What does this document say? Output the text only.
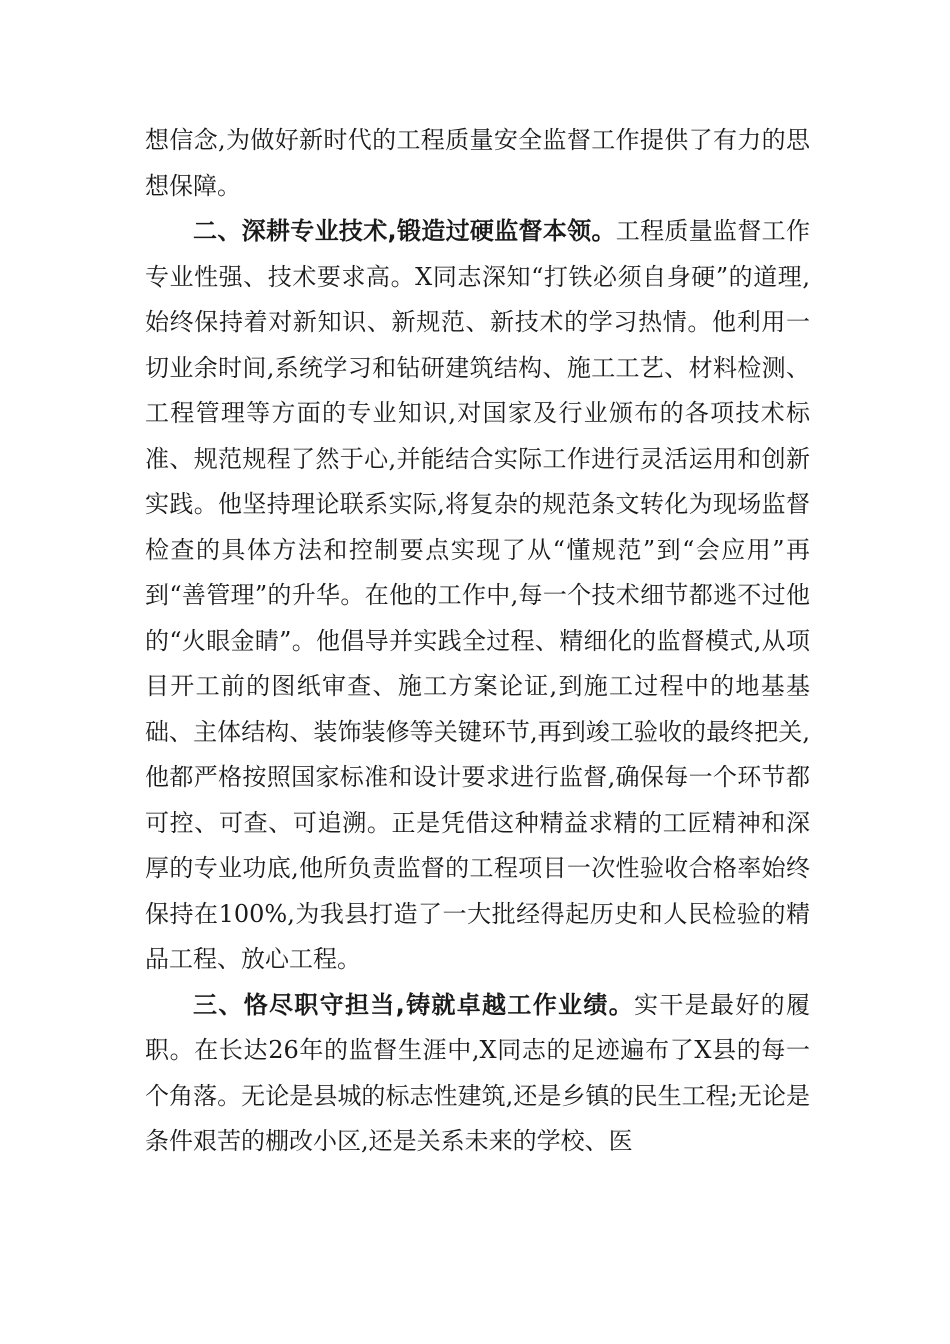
想信念,为做好新时代的工程质量安全监督工作提供了有力的思想保障。

二、深耕专业技术,锻造过硬监督本领。工程质量监督工作专业性强、技术要求高。X同志深知“打铁必须自身硬”的道理,始终保持着对新知识、新规范、新技术的学习热情。他利用一切业余时间,系统学习和钻研建筑结构、施工工艺、材料检测、工程管理等方面的专业知识,对国家及行业颁布的各项技术标准、规范规程了然于心,并能结合实际工作进行灵活运用和创新实践。他坚持理论联系实际,将复杂的规范条文转化为现场监督检查的具体方法和控制要点实现了从“懂规范”到“会应用”再到“善管理”的升华。在他的工作中,每一个技术细节都逃不过他的“火眼金睛”。他倡导并实践全过程、精细化的监督模式,从项目开工前的图纸审查、施工方案论证,到施工过程中的地基基础、主体结构、装饰装修等关键环节,再到竣工验收的最终把关,他都严格按照国家标准和设计要求进行监督,确保每一个环节都可控、可查、可追溯。正是凭借这种精益求精的工匠精神和深厚的专业功底,他所负责监督的工程项目一次性验收合格率始终保持在100%,为我县打造了一大批经得起历史和人民检验的精品工程、放心工程。

三、恪尽职守担当,铸就卓越工作业绩。实干是最好的履职。在长达26年的监督生涯中,X同志的足迹遍布了X县的每一个角落。无论是县城的标志性建筑,还是乡镇的民生工程;无论是条件艰苦的棚改小区,还是关系未来的学校、医
